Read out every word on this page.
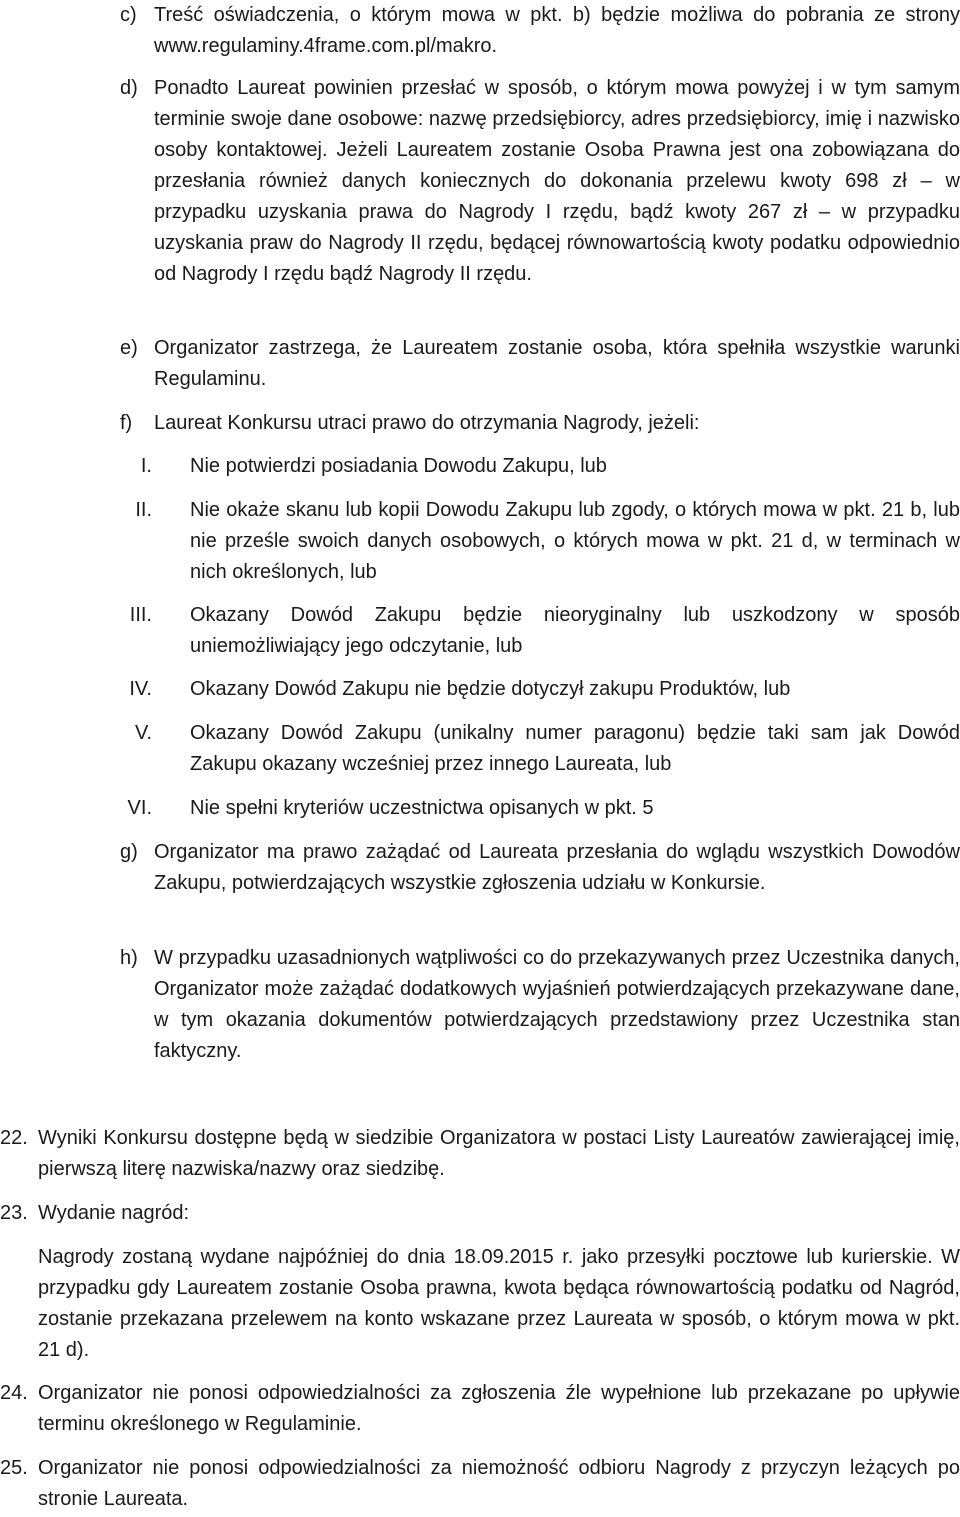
c) Treść oświadczenia, o którym mowa w pkt. b) będzie możliwa do pobrania ze strony www.regulaminy.4frame.com.pl/makro.
d) Ponadto Laureat powinien przesłać w sposób, o którym mowa powyżej i w tym samym terminie swoje dane osobowe: nazwę przedsiębiorcy, adres przedsiębiorcy, imię i nazwisko osoby kontaktowej. Jeżeli Laureatem zostanie Osoba Prawna jest ona zobowiązana do przesłania również danych koniecznych do dokonania przelewu kwoty 698 zł – w przypadku uzyskania prawa do Nagrody I rzędu, bądź kwoty 267 zł – w przypadku uzyskania praw do Nagrody II rzędu, będącej równowartością kwoty podatku odpowiednio od Nagrody I rzędu bądź Nagrody II rzędu.
e) Organizator zastrzega, że Laureatem zostanie osoba, która spełniła wszystkie warunki Regulaminu.
f) Laureat Konkursu utraci prawo do otrzymania Nagrody, jeżeli:
I. Nie potwierdzi posiadania Dowodu Zakupu, lub
II. Nie okaże skanu lub kopii Dowodu Zakupu lub zgody, o których mowa w pkt. 21 b, lub nie prześle swoich danych osobowych, o których mowa w pkt. 21 d, w terminach w nich określonych, lub
III. Okazany Dowód Zakupu będzie nieoryginalny lub uszkodzony w sposób uniemożliwiający jego odczytanie, lub
IV. Okazany Dowód Zakupu nie będzie dotyczył zakupu Produktów, lub
V. Okazany Dowód Zakupu (unikalny numer paragonu) będzie taki sam jak Dowód Zakupu okazany wcześniej przez innego Laureata, lub
VI. Nie spełni kryteriów uczestnictwa opisanych w pkt. 5
g) Organizator ma prawo zażądać od Laureata przesłania do wglądu wszystkich Dowodów Zakupu, potwierdzających wszystkie zgłoszenia udziału w Konkursie.
h) W przypadku uzasadnionych wątpliwości co do przekazywanych przez Uczestnika danych, Organizator może zażądać dodatkowych wyjaśnień potwierdzających przekazywane dane, w tym okazania dokumentów potwierdzających przedstawiony przez Uczestnika stan faktyczny.
22. Wyniki Konkursu dostępne będą w siedzibie Organizatora w postaci Listy Laureatów zawierającej imię, pierwszą literę nazwiska/nazwy oraz siedzibę.
23. Wydanie nagród:
Nagrody zostaną wydane najpóźniej do dnia 18.09.2015 r. jako przesyłki pocztowe lub kurierskie. W przypadku gdy Laureatem zostanie Osoba prawna, kwota będąca równowartością podatku od Nagród, zostanie przekazana przelewem na konto wskazane przez Laureata w sposób, o którym mowa w pkt. 21 d).
24. Organizator nie ponosi odpowiedzialności za zgłoszenia źle wypełnione lub przekazane po upływie terminu określonego w Regulaminie.
25. Organizator nie ponosi odpowiedzialności za niemożność odbioru Nagrody z przyczyn leżących po stronie Laureata.
